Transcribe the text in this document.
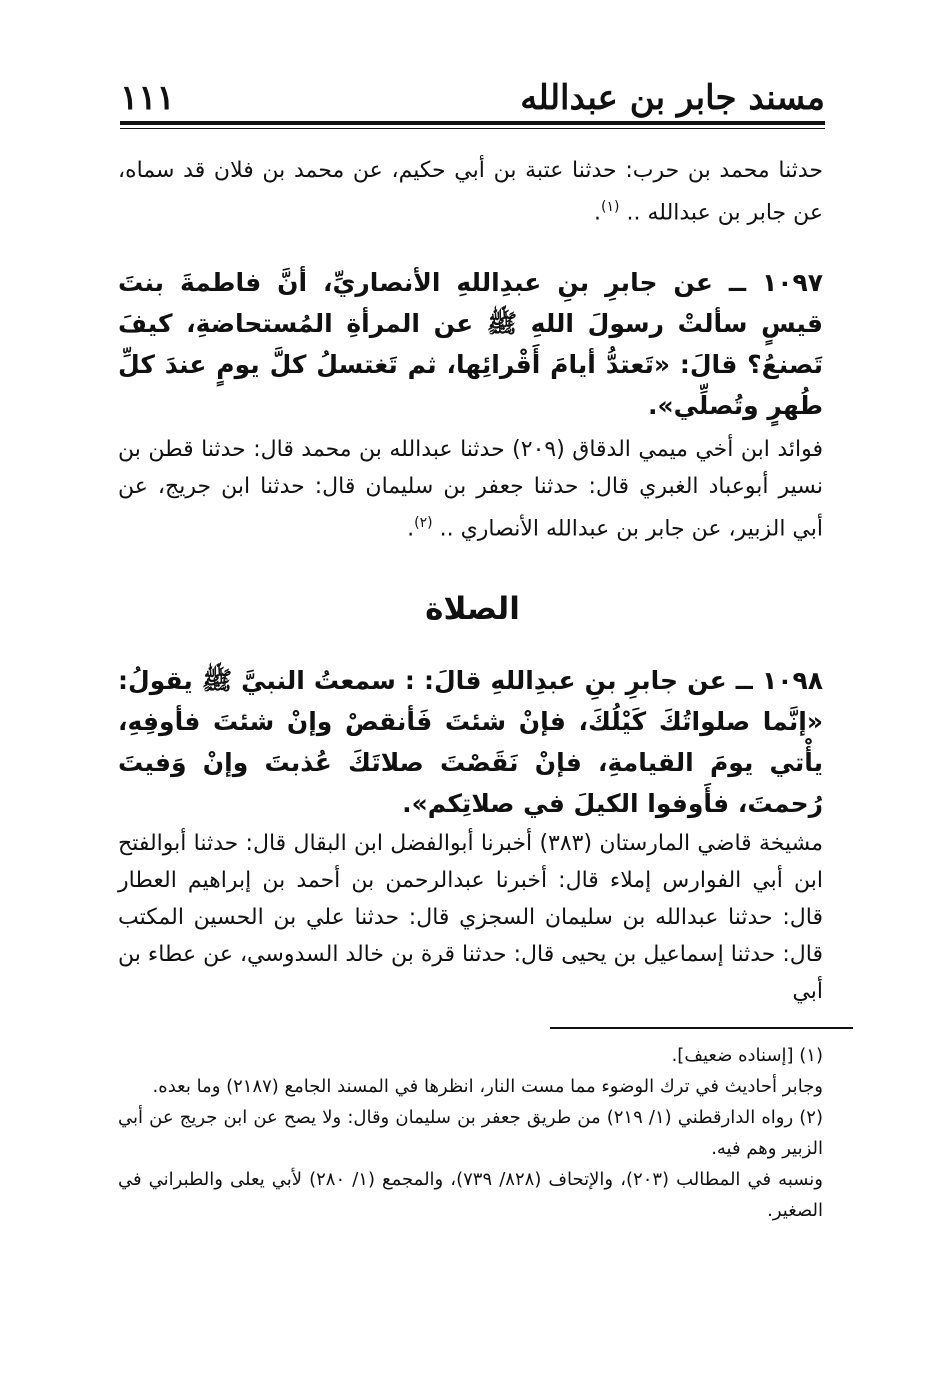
مسند جابر بن عبدالله
١١١
حدثنا محمد بن حرب: حدثنا عتبة بن أبي حكيم، عن محمد بن فلان قد سماه، عن جابر بن عبدالله .. $^{(١)}$.
١٠٩٧ ــ عن جابرِ بنِ عبدِاللهِ الأنصاريِّ، أنَّ فاطمةَ بنتَ قيسٍ سألتْ رسولَ اللهِ ﷺ عن المرأةِ المُستحاضةِ، كيفَ تَصنعُ؟ قالَ: «تَعتدُّ أيامَ أَقْرائِها، ثم تَغتسلُ كلَّ يومٍ عندَ كلِّ طُهرٍ وتُصلِّي».
فوائد ابن أخي ميمي الدقاق (٢٠٩) حدثنا عبدالله بن محمد قال: حدثنا قطن بن نسير أبوعباد الغبري قال: حدثنا جعفر بن سليمان قال: حدثنا ابن جريج، عن أبي الزبير، عن جابر بن عبدالله الأنصاري .. $^{(٢)}$.
الصلاة
١٠٩٨ ــ عن جابرِ بنِ عبدِاللهِ قالَ: : سمعتُ النبيَّ ﷺ يقولُ: «إنَّما صلواتُكَ كَيْلُكَ، فإنْ شئتَ فَأنقصْ وإنْ شئتَ فأوفِهِ، يأْتي يومَ القيامةِ، فإنْ نَقَصْتَ صلاتَكَ عُذبتَ وإنْ وَفيتَ رُحمتَ، فأَوفوا الكيلَ في صلاتِكم».
مشيخة قاضي المارستان (٣٨٣) أخبرنا أبوالفضل ابن البقال قال: حدثنا أبوالفتح ابن أبي الفوارس إملاء قال: أخبرنا عبدالرحمن بن أحمد بن إبراهيم العطار قال: حدثنا عبدالله بن سليمان السجزي قال: حدثنا علي بن الحسين المكتب قال: حدثنا إسماعيل بن يحيى قال: حدثنا قرة بن خالد السدوسي، عن عطاء بن أبي

(١) [إسناده ضعيف].

وجابر أحاديث في ترك الوضوء مما مست النار، انظرها في المسند الجامع (٢١٨٧) وما بعده.

(٢) رواه الدارقطني (١/ ٢١٩) من طريق جعفر بن سليمان وقال: ولا يصح عن ابن جريج عن أبي الزبير وهم فيه.

ونسبه في المطالب (٢٠٣)، والإتحاف (٨٢٨/ ٧٣٩)، والمجمع (١/ ٢٨٠) لأبي يعلى والطبراني في الصغير.
